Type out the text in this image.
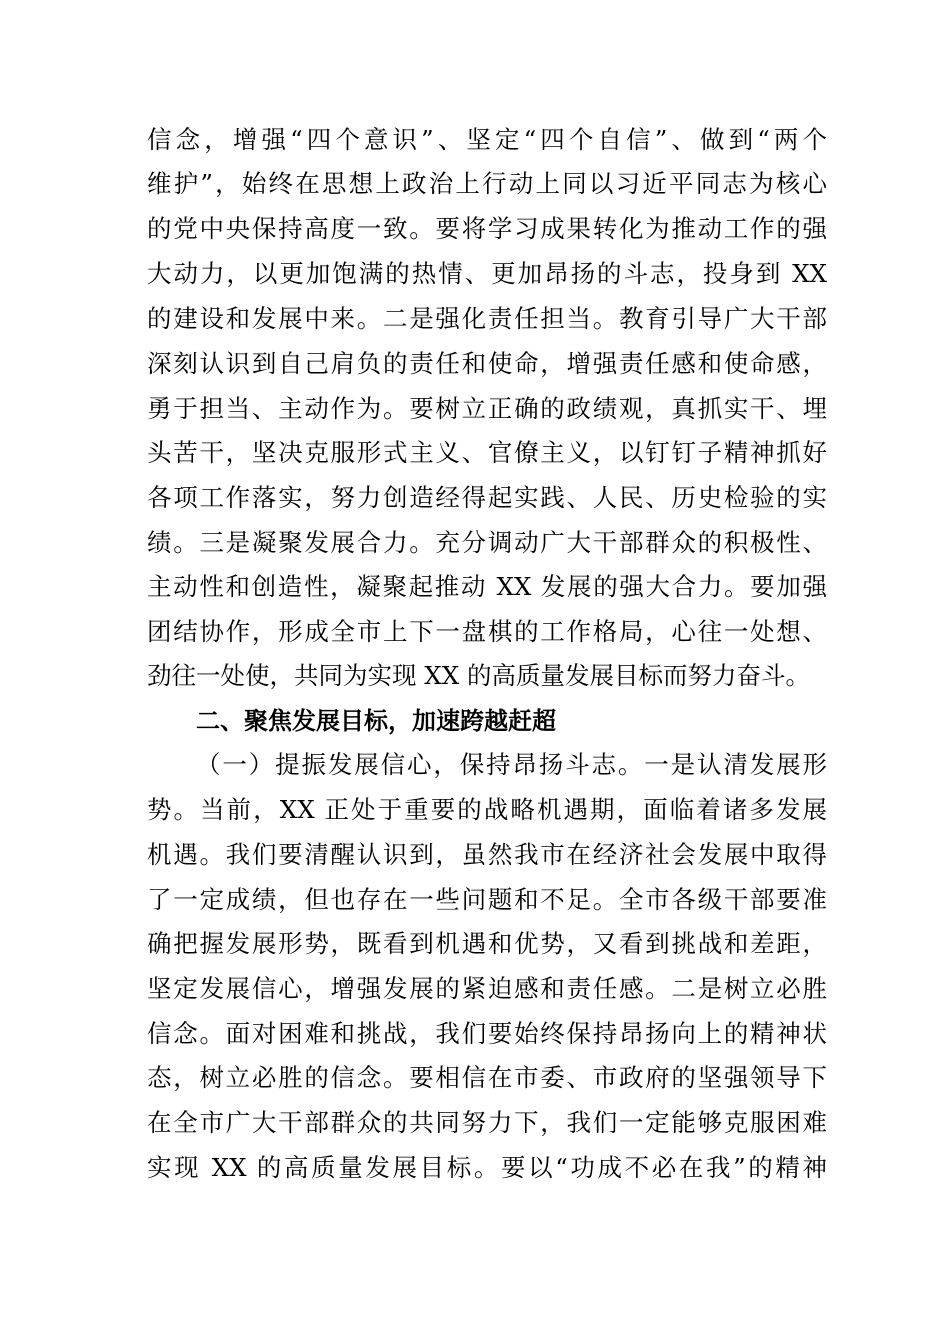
信念，增强“四个意识”、坚定“四个自信”、做到“两个
维护”，始终在思想上政治上行动上同以习近平同志为核心
的党中央保持高度一致。要将学习成果转化为推动工作的强
大动力，以更加饱满的热情、更加昂扬的斗志，投身到 XX
的建设和发展中来。二是强化责任担当。教育引导广大干部
深刻认识到自己肩负的责任和使命，增强责任感和使命感，
勇于担当、主动作为。要树立正确的政绩观，真抓实干、埋
头苦干，坚决克服形式主义、官僚主义，以钉钉子精神抓好
各项工作落实，努力创造经得起实践、人民、历史检验的实
绩。三是凝聚发展合力。充分调动广大干部群众的积极性、
主动性和创造性，凝聚起推动 XX 发展的强大合力。要加强
团结协作，形成全市上下一盘棋的工作格局，心往一处想、
劲往一处使，共同为实现 XX 的高质量发展目标而努力奋斗。
二、聚焦发展目标，加速跨越赶超
（一）提振发展信心，保持昂扬斗志。一是认清发展形
势。当前，XX 正处于重要的战略机遇期，面临着诸多发展
机遇。我们要清醒认识到，虽然我市在经济社会发展中取得
了一定成绩，但也存在一些问题和不足。全市各级干部要准
确把握发展形势，既看到机遇和优势，又看到挑战和差距，
坚定发展信心，增强发展的紧迫感和责任感。二是树立必胜
信念。面对困难和挑战，我们要始终保持昂扬向上的精神状
态，树立必胜的信念。要相信在市委、市政府的坚强领导下
在全市广大干部群众的共同努力下，我们一定能够克服困难
实现 XX 的高质量发展目标。要以“功成不必在我”的精神
